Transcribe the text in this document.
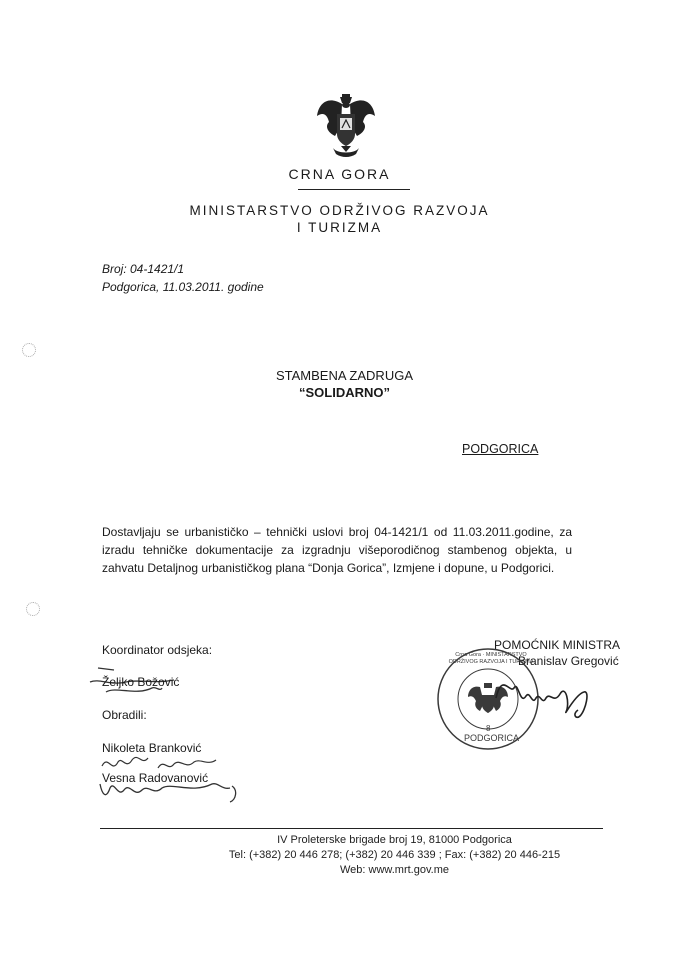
CRNA GORA
MINISTARSTVO ODRŽIVOG RAZVOJA
I TURIZMA
Broj: 04-1421/1
Podgorica, 11.03.2011. godine
STAMBENA ZADRUGA
“SOLIDARNO”
PODGORICA
Dostavljaju se urbanističko – tehnički uslovi broj 04-1421/1 od 11.03.2011.godine, za izradu tehničke dokumentacije za izgradnju višeporodičnog stambenog objekta, u zahvatu Detaljnog urbanističkog plana “Donja Gorica”, Izmjene i dopune, u Podgorici.
Koordinator odsjeka:
Željko Božović
Obradili:
Nikoleta Branković
Vesna Radovanović
POMOĆNIK MINISTRA
Branislav Gregović
8
PODGORICA
Crna Gora · MINISTARSTVO ODRŽIVOG RAZVOJA I TURIZMA
IV Proleterske brigade broj 19, 81000 Podgorica
Tel: (+382) 20 446 278; (+382) 20 446 339 ; Fax: (+382) 20 446-215
Web: www.mrt.gov.me
